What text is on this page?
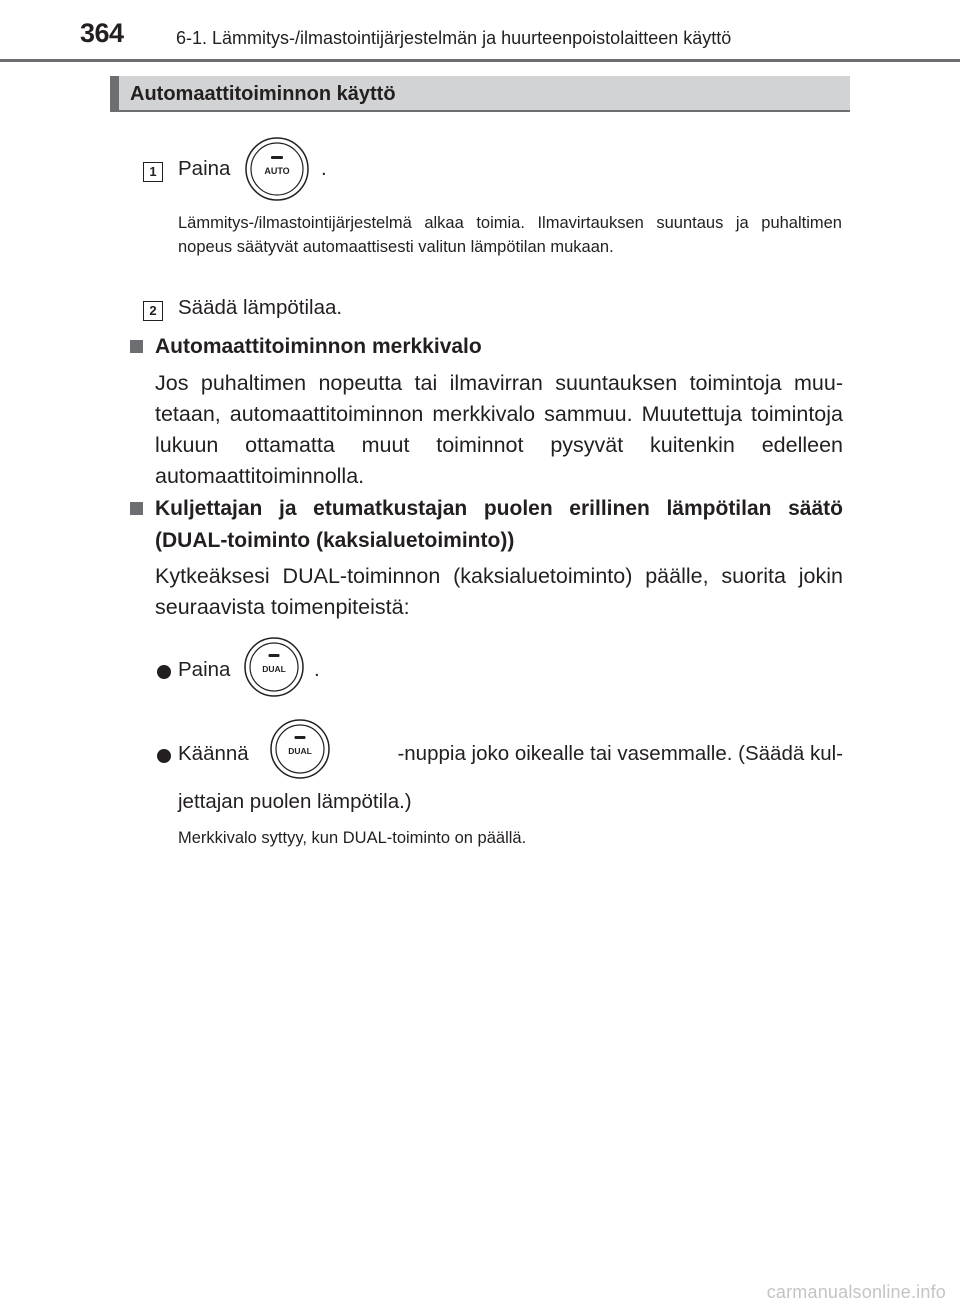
364	6-1. Lämmitys-/ilmastointijärjestelmän ja huurteenpoistolaitteen käyttö
Automaattitoiminnon käyttö
1	Paina	AUTO .
Lämmitys-/ilmastointijärjestelmä alkaa toimia. Ilmavirtauksen suuntaus ja puhaltimen nopeus säätyvät automaattisesti valitun lämpötilan mukaan.
2	Säädä lämpötilaa.
Automaattitoiminnon merkkivalo
Jos puhaltimen nopeutta tai ilmavirran suuntauksen toimintoja muutetaan, automaattitoiminnon merkkivalo sammuu. Muutettuja toimintoja lukuun ottamatta muut toiminnot pysyvät kuitenkin edelleen automaattitoiminnolla.
Kuljettajan ja etumatkustajan puolen erillinen lämpötilan säätö
(DUAL-toiminto (kaksialuetoiminto))
Kytkeäksesi DUAL-toiminnon (kaksialuetoiminto) päälle, suorita jokin seuraavista toimenpiteistä:
Paina	DUAL .
Käännä	DUAL	-nuppia joko oikealle tai vasemmalle. (Säädä kul-
jettajan puolen lämpötila.)
Merkkivalo syttyy, kun DUAL-toiminto on päällä.
carmanualsonline.info
